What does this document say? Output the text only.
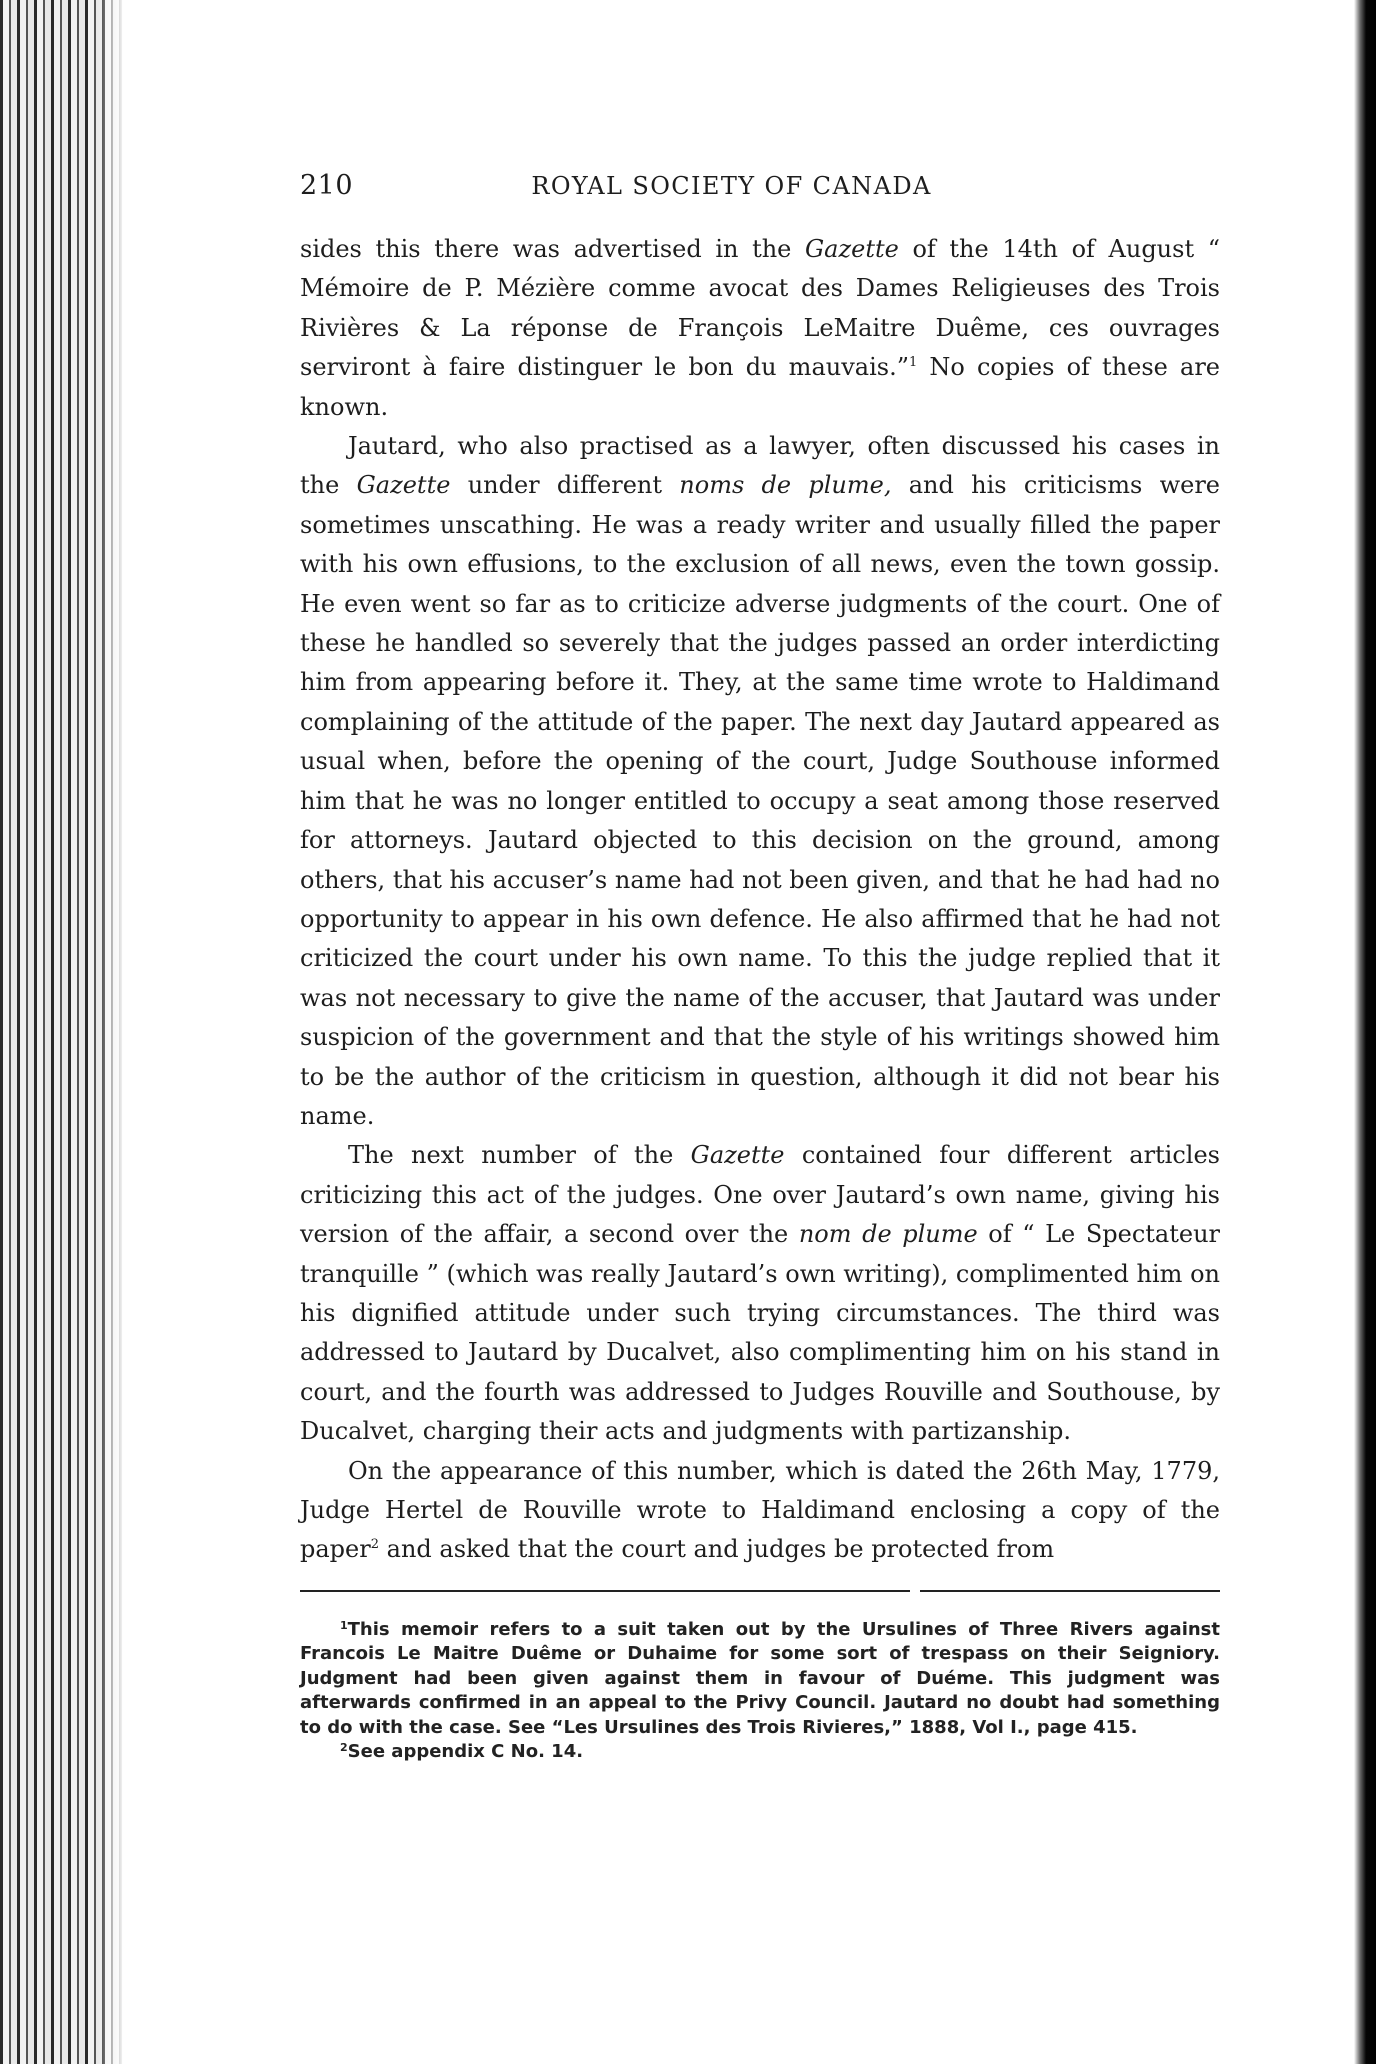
210	ROYAL SOCIETY OF CANADA

sides this there was advertised in the Gazette of the 14th of August “ Mémoire de P. Mézière comme avocat des Dames Religieuses des Trois Rivières & La réponse de François LeMaitre Duême, ces ouvrages serviront à faire distinguer le bon du mauvais.”$^1$ No copies of these are known.

Jautard, who also practised as a lawyer, often discussed his cases in the Gazette under different noms de plume, and his criticisms were sometimes unscathing. He was a ready writer and usually filled the paper with his own effusions, to the exclusion of all news, even the town gossip. He even went so far as to criticize adverse judgments of the court. One of these he handled so severely that the judges passed an order interdicting him from appearing before it. They, at the same time wrote to Haldimand complaining of the attitude of the paper. The next day Jautard appeared as usual when, before the opening of the court, Judge Southouse informed him that he was no longer entitled to occupy a seat among those reserved for attorneys. Jautard objected to this decision on the ground, among others, that his accuser’s name had not been given, and that he had had no opportunity to appear in his own defence. He also affirmed that he had not criticized the court under his own name. To this the judge replied that it was not necessary to give the name of the accuser, that Jautard was under suspicion of the government and that the style of his writings showed him to be the author of the criticism in question, although it did not bear his name.

The next number of the Gazette contained four different articles criticizing this act of the judges. One over Jautard’s own name, giving his version of the affair, a second over the nom de plume of “ Le Spectateur tranquille ” (which was really Jautard’s own writing), complimented him on his dignified attitude under such trying circumstances. The third was addressed to Jautard by Ducalvet, also complimenting him on his stand in court, and the fourth was addressed to Judges Rouville and Southouse, by Ducalvet, charging their acts and judgments with partizanship.

On the appearance of this number, which is dated the 26th May, 1779, Judge Hertel de Rouville wrote to Haldimand enclosing a copy of the paper$^2$ and asked that the court and judges be protected from

$^1$This memoir refers to a suit taken out by the Ursulines of Three Rivers against Francois Le Maitre Duême or Duhaime for some sort of trespass on their Seigniory. Judgment had been given against them in favour of Duéme. This judgment was afterwards confirmed in an appeal to the Privy Council. Jautard no doubt had something to do with the case. See “Les Ursulines des Trois Rivieres,” 1888, Vol I., page 415.

$^2$See appendix C No. 14.
